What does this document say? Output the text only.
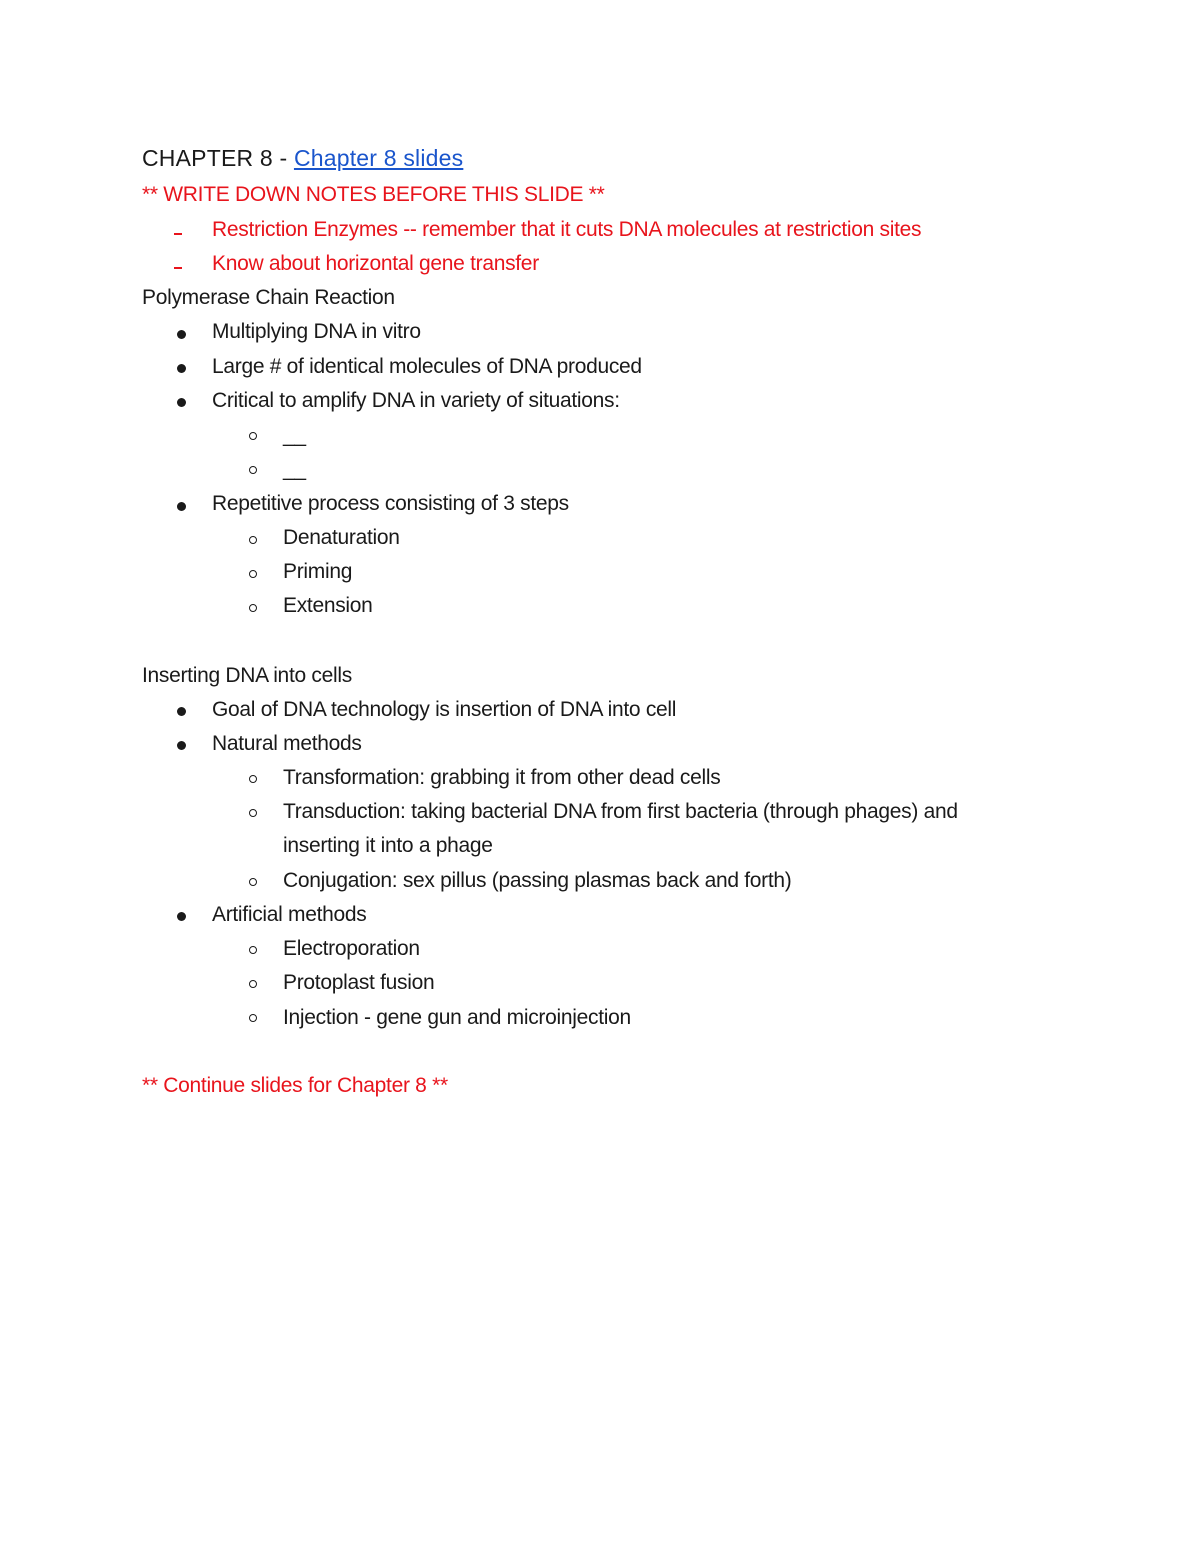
CHAPTER 8 - Chapter 8 slides
** WRITE DOWN NOTES BEFORE THIS SLIDE **
Restriction Enzymes -- remember that it cuts DNA molecules at restriction sites
Know about horizontal gene transfer
Polymerase Chain Reaction
Multiplying DNA in vitro
Large # of identical molecules of DNA produced
Critical to amplify DNA in variety of situations:
__
__
Repetitive process consisting of 3 steps
Denaturation
Priming
Extension
Inserting DNA into cells
Goal of DNA technology is insertion of DNA into cell
Natural methods
Transformation: grabbing it from other dead cells
Transduction: taking bacterial DNA from first bacteria (through phages) and
inserting it into a phage
Conjugation: sex pillus (passing plasmas back and forth)
Artificial methods
Electroporation
Protoplast fusion
Injection - gene gun and microinjection
** Continue slides for Chapter 8 **
